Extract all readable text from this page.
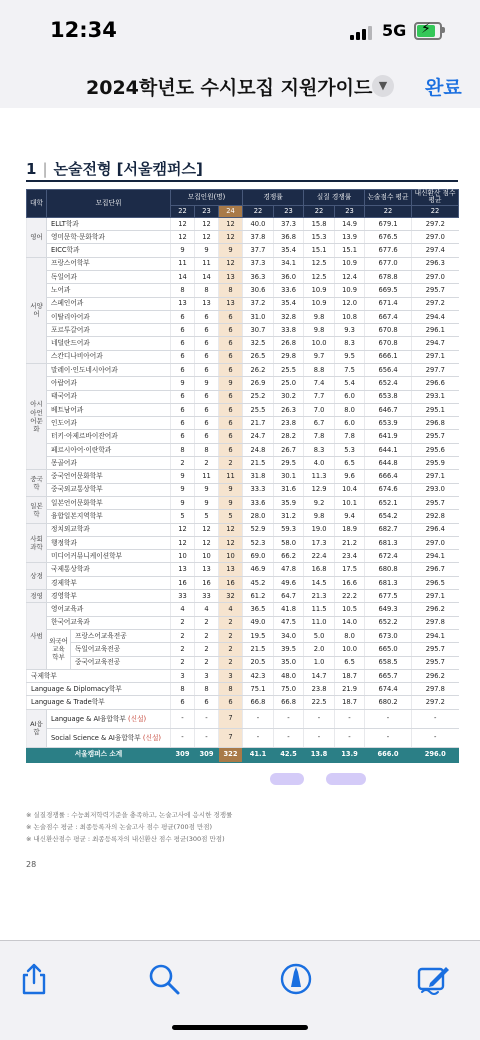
12:34	5G ⚡
2024학년도 수시모집 지원가이드 ▼	완료
1 | 논술전형 [서울캠퍼스]
대학	모집단위		모집인원(명)			경쟁률		실질 경쟁률		논술점수 평균	내신환산 점수 평균
			22	23	24	22	23	22	23	22	22
영어	ELLT학과		12	12	12	40.0	37.3	15.8	14.9	679.1	297.2
	영미문학·문화학과		12	12	12	37.8	36.8	15.3	13.9	676.5	297.0
	EICC학과		9	9	9	37.7	35.4	15.1	15.1	677.6	297.4
서양어	프랑스어학부		11	11	12	37.3	34.1	12.5	10.9	677.0	296.3
	독일어과		14	14	13	36.3	36.0	12.5	12.4	678.8	297.0
	노어과		8	8	8	30.6	33.6	10.9	10.9	669.5	295.7
	스페인어과		13	13	13	37.2	35.4	10.9	12.0	671.4	297.2
	이탈리아어과		6	6	6	31.0	32.8	9.8	10.8	667.4	294.4
	포르투갈어과		6	6	6	30.7	33.8	9.8	9.3	670.8	296.1
	네덜란드어과		6	6	6	32.5	26.8	10.0	8.3	670.8	294.7
	스칸디나비아어과		6	6	6	26.5	29.8	9.7	9.5	666.1	297.1
아시아언어문화	말레이·인도네시아어과		6	6	6	26.2	25.5	8.8	7.5	656.4	297.7
	아랍어과		9	9	9	26.9	25.0	7.4	5.4	652.4	296.6
	태국어과		6	6	6	25.2	30.2	7.7	6.0	653.8	293.1
	베트남어과		6	6	6	25.5	26.3	7.0	8.0	646.7	295.1
	인도어과		6	6	6	21.7	23.8	6.7	6.0	653.9	296.8
	터키·아제르바이잔어과		6	6	6	24.7	28.2	7.8	7.8	641.9	295.7
	페르시아어·이란학과		8	8	6	24.8	26.7	8.3	5.3	644.1	295.6
	몽골어과		2	2	2	21.5	29.5	4.0	6.5	644.8	295.9
중국학	중국언어문화학부		9	11	11	31.8	30.1	11.3	9.6	666.4	297.1
	중국외교통상학부		9	9	9	33.3	31.6	12.9	10.4	674.6	293.0
일본학	일본언어문화학부		9	9	9	33.6	35.9	9.2	10.1	652.1	295.7
	융합일본지역학부		5	5	5	28.0	31.2	9.8	9.4	654.2	292.8
사회과학	정치외교학과		12	12	12	52.9	59.3	19.0	18.9	682.7	296.4
	행정학과		12	12	12	52.3	58.0	17.3	21.2	681.3	297.0
	미디어커뮤니케이션학부		10	10	10	69.0	66.2	22.4	23.4	672.4	294.1
상경	국제통상학과		13	13	13	46.9	47.8	16.8	17.5	680.8	296.7
	경제학부		16	16	16	45.2	49.6	14.5	16.6	681.3	296.5
경영	경영학부		33	33	32	61.2	64.7	21.3	22.2	677.5	297.1
사범	영어교육과		4	4	4	36.5	41.8	11.5	10.5	649.3	296.2
	한국어교육과		2	2	2	49.0	47.5	11.0	14.0	652.2	297.8
	외국어 교육 학부	프랑스어교육전공	2	2	2	19.5	34.0	5.0	8.0	673.0	294.1
		독일어교육전공	2	2	2	21.5	39.5	2.0	10.0	665.0	295.7
		중국어교육전공	2	2	2	20.5	35.0	1.0	6.5	658.5	295.7
국제학부			3	3	3	42.3	48.0	14.7	18.7	665.7	296.2
Language & Diplomacy학부			8	8	8	75.1	75.0	23.8	21.9	674.4	297.8
Language & Trade학부			6	6	6	66.8	66.8	22.5	18.7	680.2	297.2
AI융합	Language & AI융합학부 (신설)		-	-	7	-	-	-	-	-	-
	Social Science & AI융합학부 (신설)		-	-	7	-	-	-	-	-	-
서울캠퍼스 소계			309	309	322	41.1	42.5	13.8	13.9	666.0	296.0
※ 실질경쟁률 : 수능최저학력기준을 충족하고, 논술고사에 응시한 경쟁률
※ 논술점수 평균 : 최종등록자의 논술고사 점수 평균(700점 만점)
※ 내신환산점수 평균 : 최종등록자의 내신환산 점수 평균(300점 만점)
28
